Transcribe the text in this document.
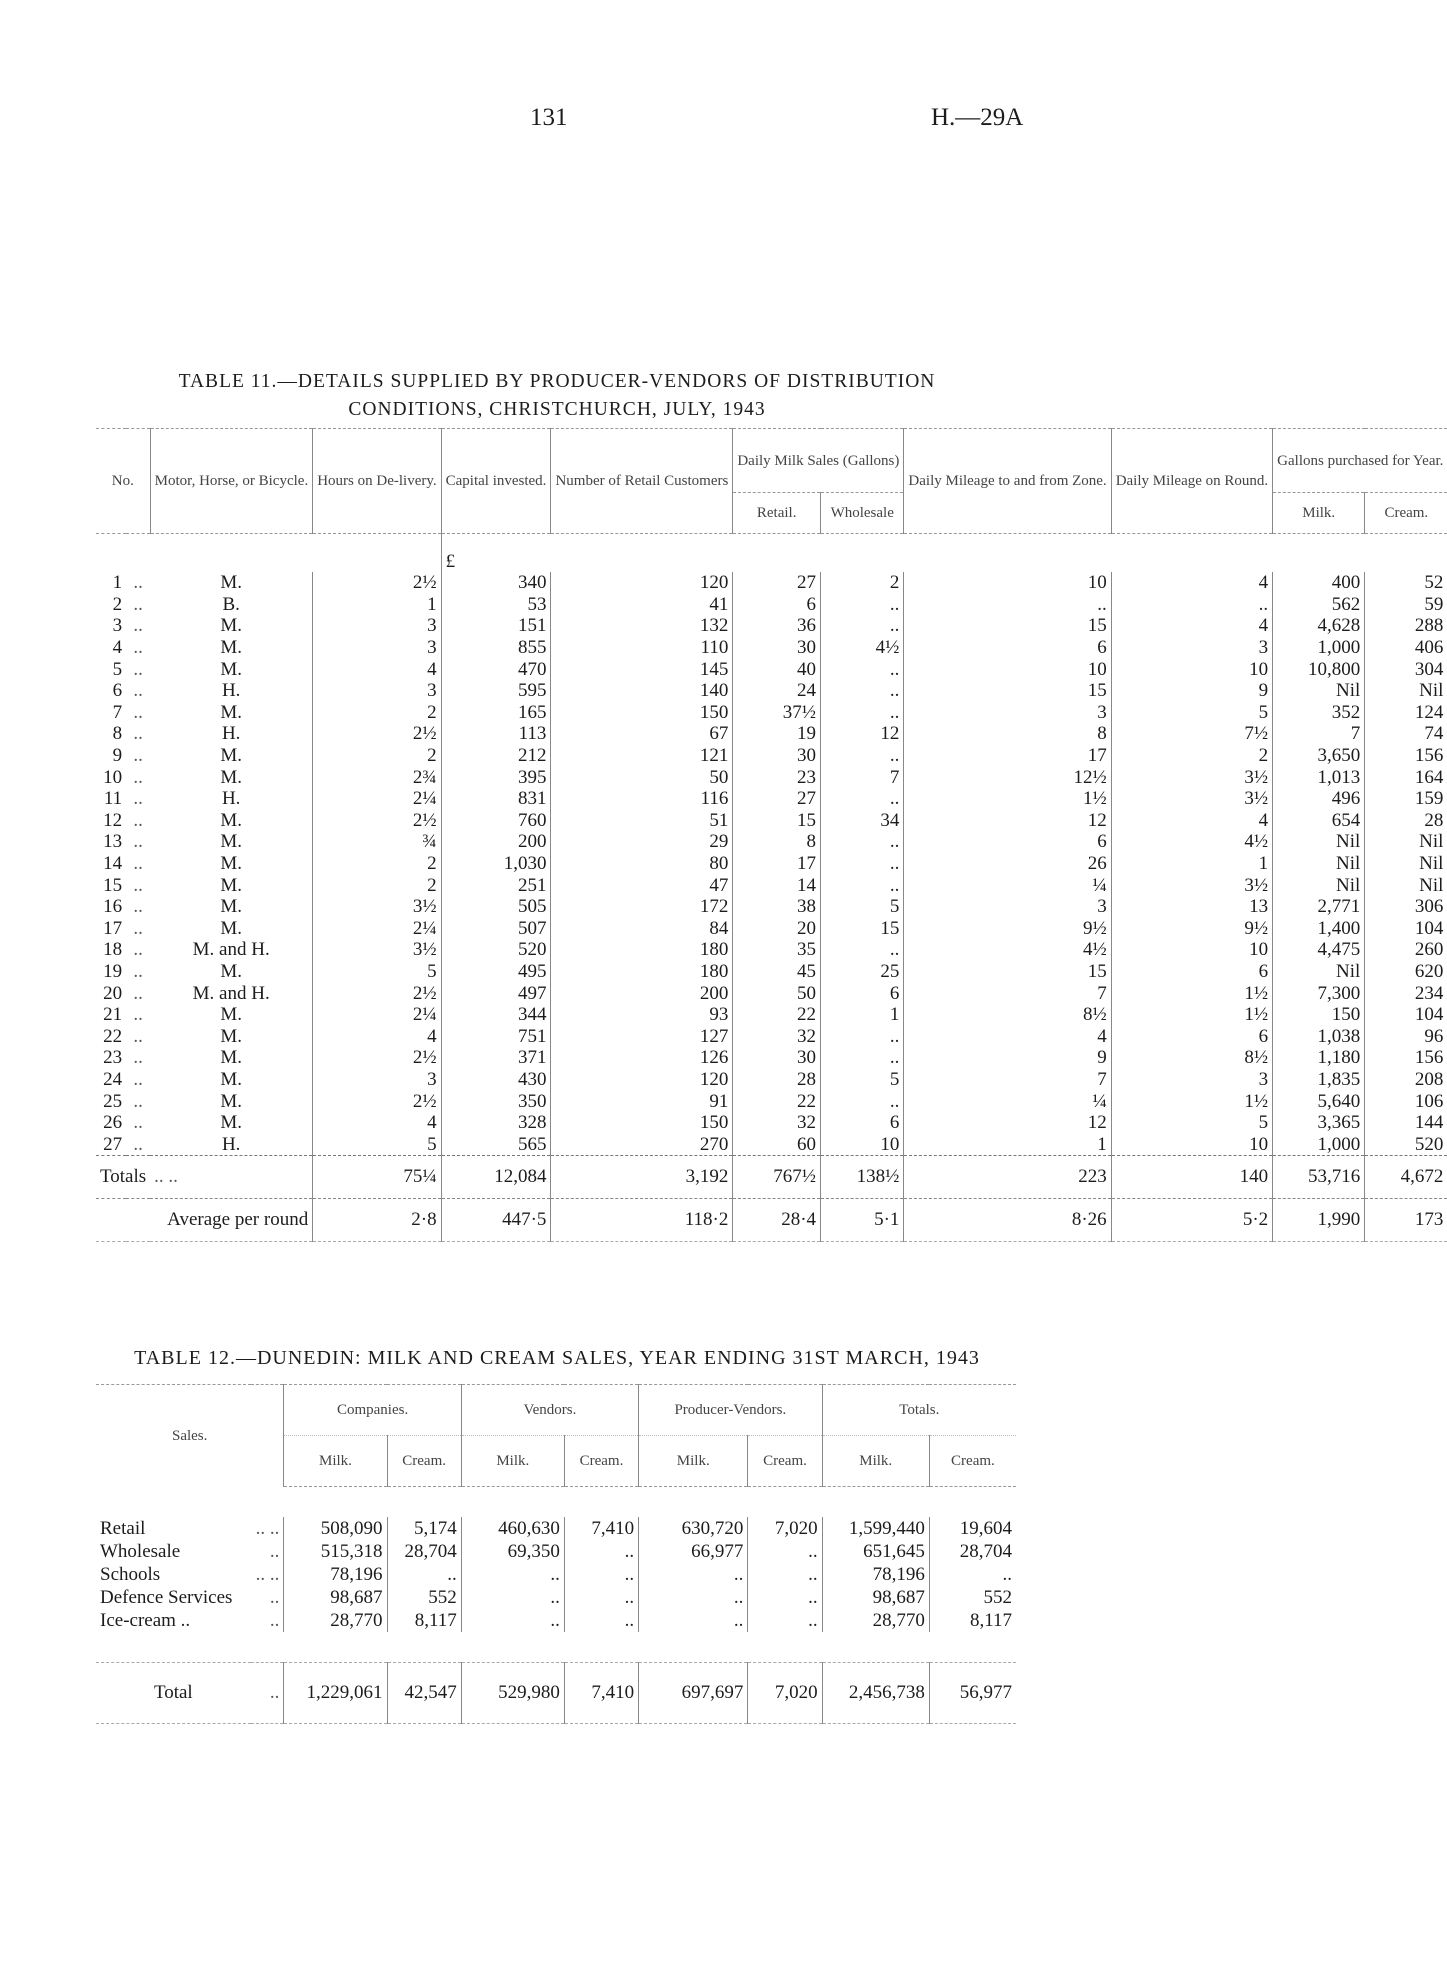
131	H.—29A
TABLE 11.—DETAILS SUPPLIED BY PRODUCER-VENDORS OF DISTRIBUTION
CONDITIONS, CHRISTCHURCH, JULY, 1943
No.		Motor, Horse, or Bicycle.	Hours on De-livery.	Capital invested.	Number of Retail Customers	Daily Milk Sales (Gallons)		Daily Mileage to and from Zone.	Daily Mileage on Round.	Gallons purchased for Year.	
						Retail.	Wholesale			Milk.	Cream.
				£							
1	..	M.	2½	340	120	27	2	10	4	400	52
2	..	B.	1	53	41	6	..	..	..	562	59
3	..	M.	3	151	132	36	..	15	4	4,628	288
4	..	M.	3	855	110	30	4½	6	3	1,000	406
5	..	M.	4	470	145	40	..	10	10	10,800	304
6	..	H.	3	595	140	24	..	15	9	Nil	Nil
7	..	M.	2	165	150	37½	..	3	5	352	124
8	..	H.	2½	113	67	19	12	8	7½	7	74
9	..	M.	2	212	121	30	..	17	2	3,650	156
10	..	M.	2¾	395	50	23	7	12½	3½	1,013	164
11	..	H.	2¼	831	116	27	..	1½	3½	496	159
12	..	M.	2½	760	51	15	34	12	4	654	28
13	..	M.	¾	200	29	8	..	6	4½	Nil	Nil
14	..	M.	2	1,030	80	17	..	26	1	Nil	Nil
15	..	M.	2	251	47	14	..	¼	3½	Nil	Nil
16	..	M.	3½	505	172	38	5	3	13	2,771	306
17	..	M.	2¼	507	84	20	15	9½	9½	1,400	104
18	..	M. and H.	3½	520	180	35	..	4½	10	4,475	260
19	..	M.	5	495	180	45	25	15	6	Nil	620
20	..	M. and H.	2½	497	200	50	6	7	1½	7,300	234
21	..	M.	2¼	344	93	22	1	8½	1½	150	104
22	..	M.	4	751	127	32	..	4	6	1,038	96
23	..	M.	2½	371	126	30	..	9	8½	1,180	156
24	..	M.	3	430	120	28	5	7	3	1,835	208
25	..	M.	2½	350	91	22	..	¼	1½	5,640	106
26	..	M.	4	328	150	32	6	12	5	3,365	144
27	..	H.	5	565	270	60	10	1	10	1,000	520
Totals		.. ..	75¼	12,084	3,192	767½	138½	223	140	53,716	4,672
Average per round			2·8	447·5	118·2	28·4	5·1	8·26	5·2	1,990	173
TABLE 12.—DUNEDIN: MILK AND CREAM SALES, YEAR ENDING 31ST MARCH, 1943
Sales.		Companies.		Vendors.		Producer-Vendors.		Totals.	
		Milk.	Cream.	Milk.	Cream.	Milk.	Cream.	Milk.	Cream.

Retail	.. ..	508,090	5,174	460,630	7,410	630,720	7,020	1,599,440	19,604
Wholesale	..	515,318	28,704	69,350	..	66,977	..	651,645	28,704
Schools	.. ..	78,196	..	..	..	..	..	78,196	..
Defence Services	..	98,687	552	..	..	..	..	98,687	552
Ice-cream ..	..	28,770	8,117	..	..	..	..	28,770	8,117

Total	..	1,229,061	42,547	529,980	7,410	697,697	7,020	2,456,738	56,977
